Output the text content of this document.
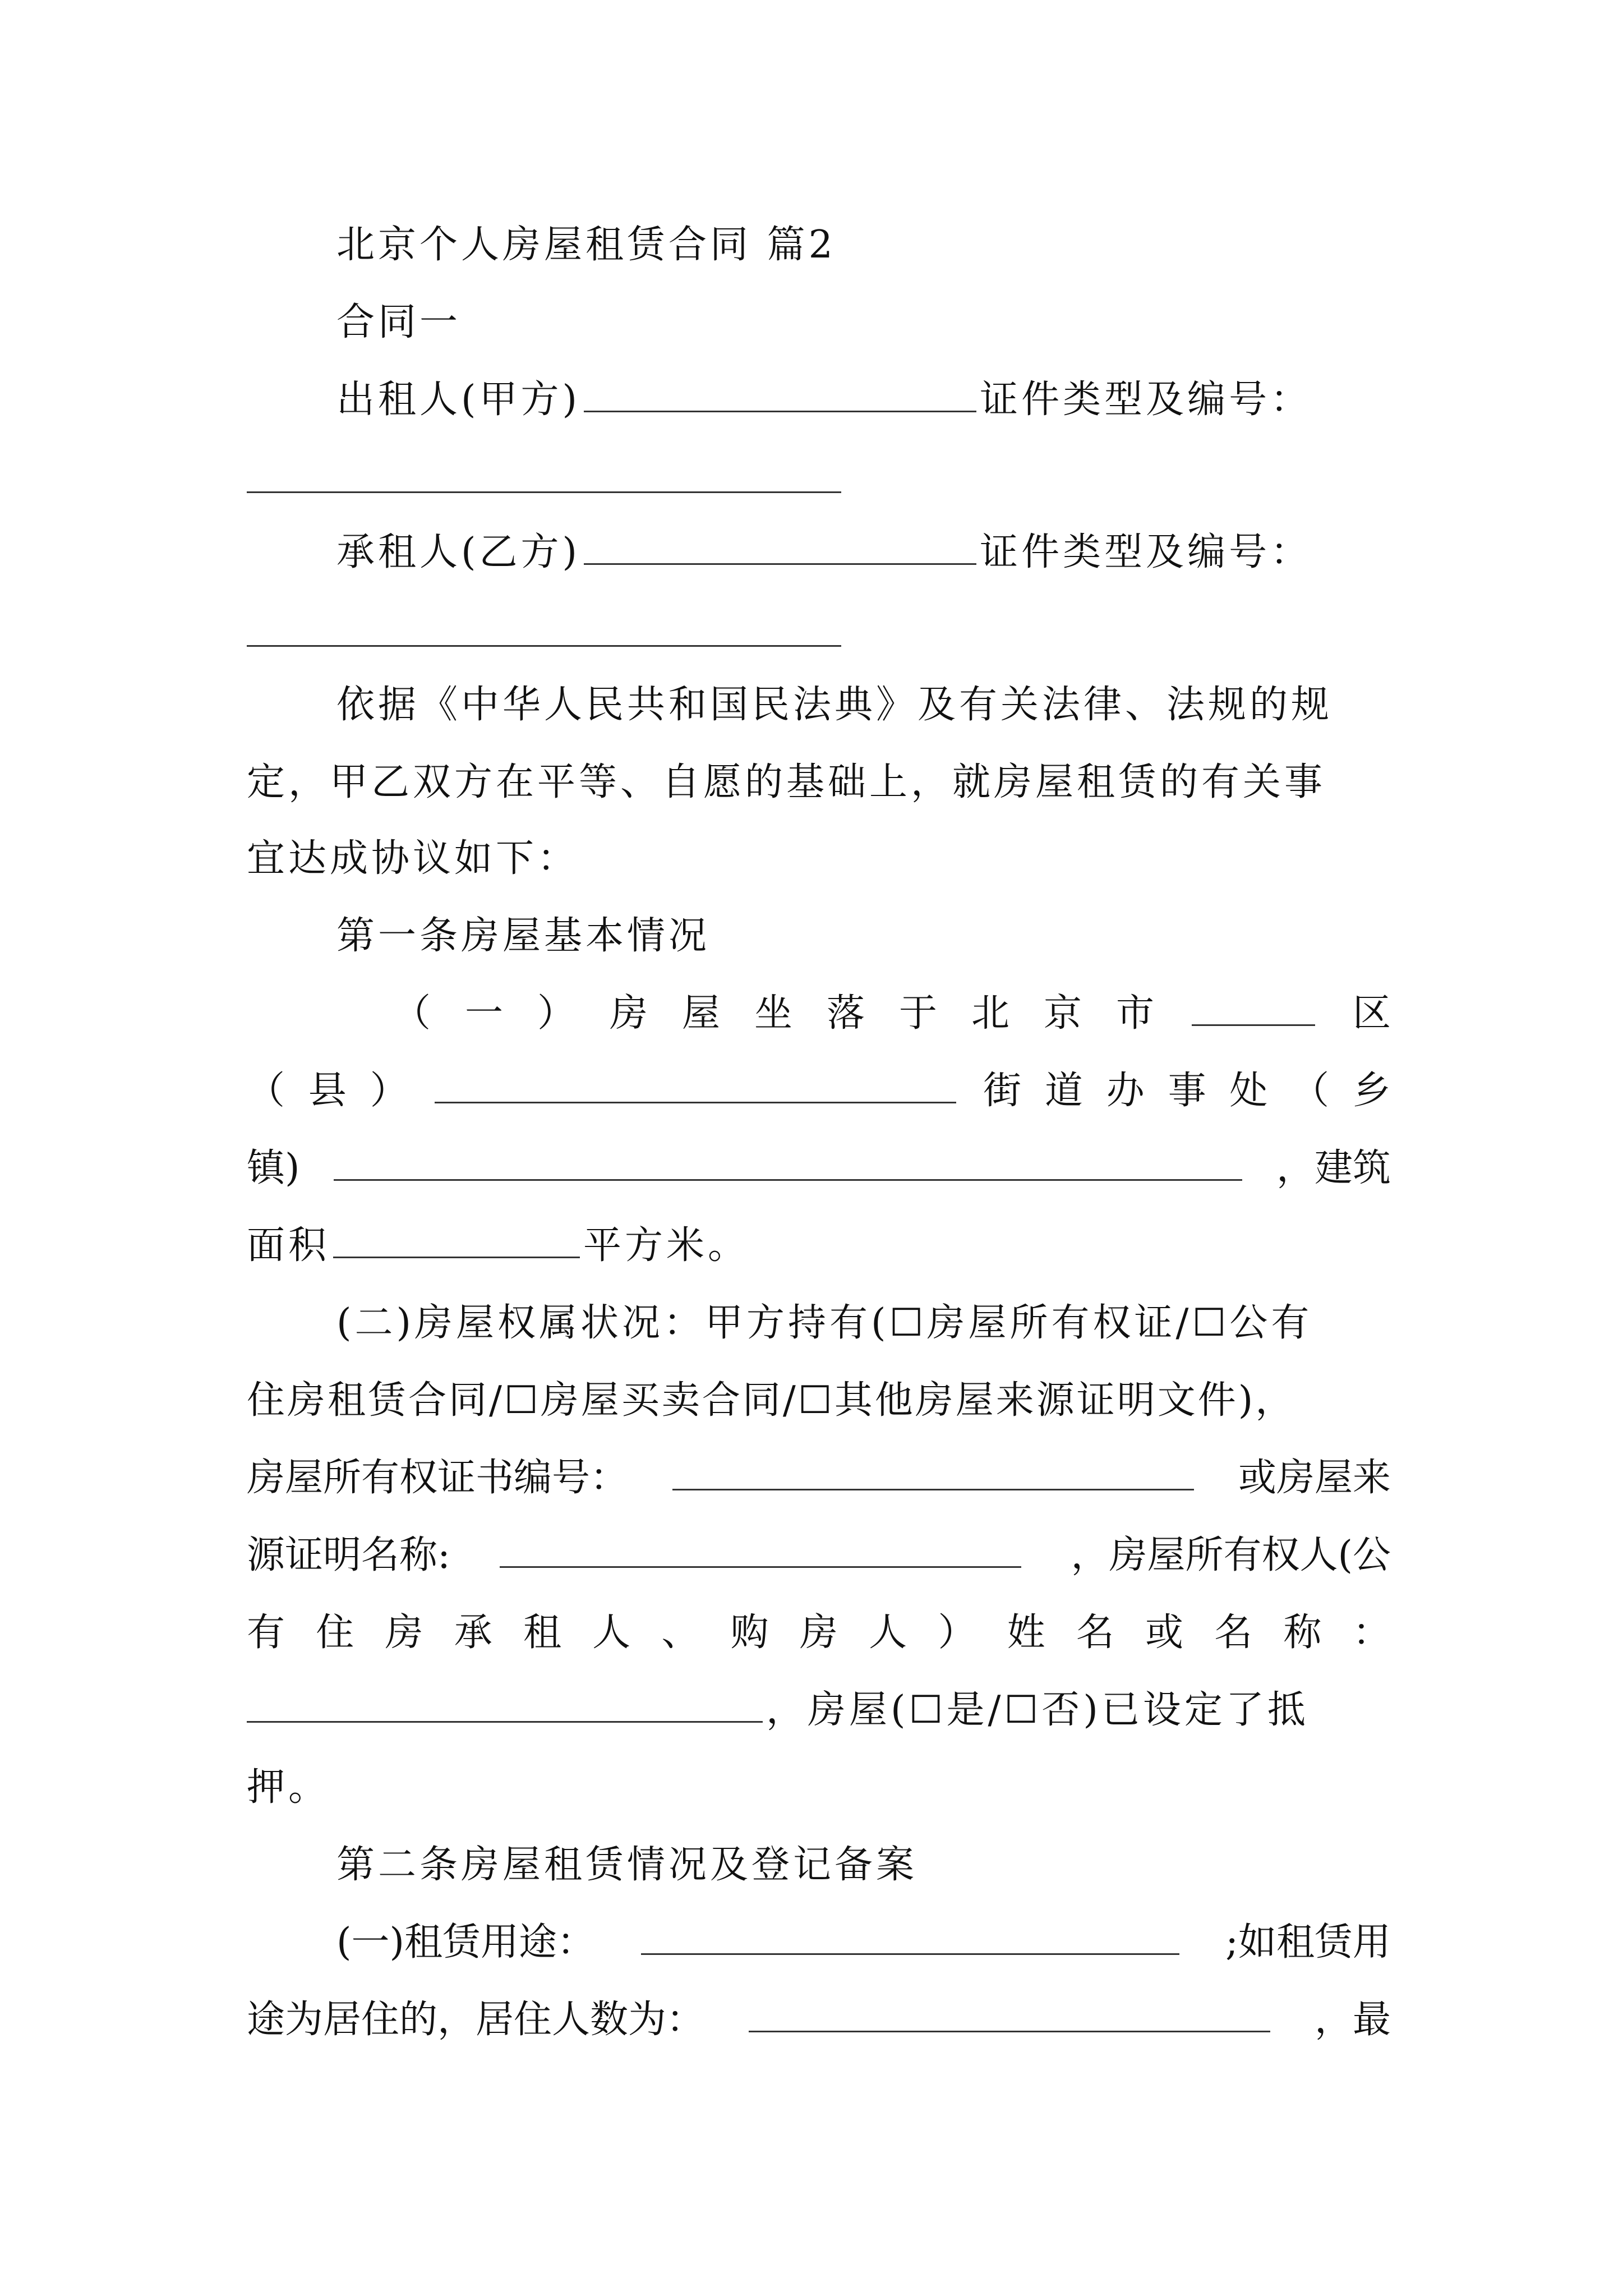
北京个人房屋租赁合同 篇2
合同一
出租人(甲方)	证件类型及编号：
承租人(乙方)	证件类型及编号：
依据《中华人民共和国民法典》及有关法律、法规的规
定，甲乙双方在平等、自愿的基础上，就房屋租赁的有关事
宜达成协议如下：
第一条房屋基本情况
（ 一 ） 房 屋 坐 落 于 北 京 市	区
（ 县 ）	街 道 办 事 处 （ 乡
镇)	，建筑
面积	平方米。
(二)房屋权属状况：甲方持有(☐房屋所有权证/☐公有
住房租赁合同/☐房屋买卖合同/☐其他房屋来源证明文件)，
房屋所有权证书编号：	或房屋来
源证明名称:	，房屋所有权人(公
有 住 房 承 租 人 、 购 房 人 ） 姓 名 或 名 称 ：
，房屋(☐是/☐否)已设定了抵
押。
第二条房屋租赁情况及登记备案
(一)租赁用途：	;如租赁用
途为居住的，居住人数为：	，最
